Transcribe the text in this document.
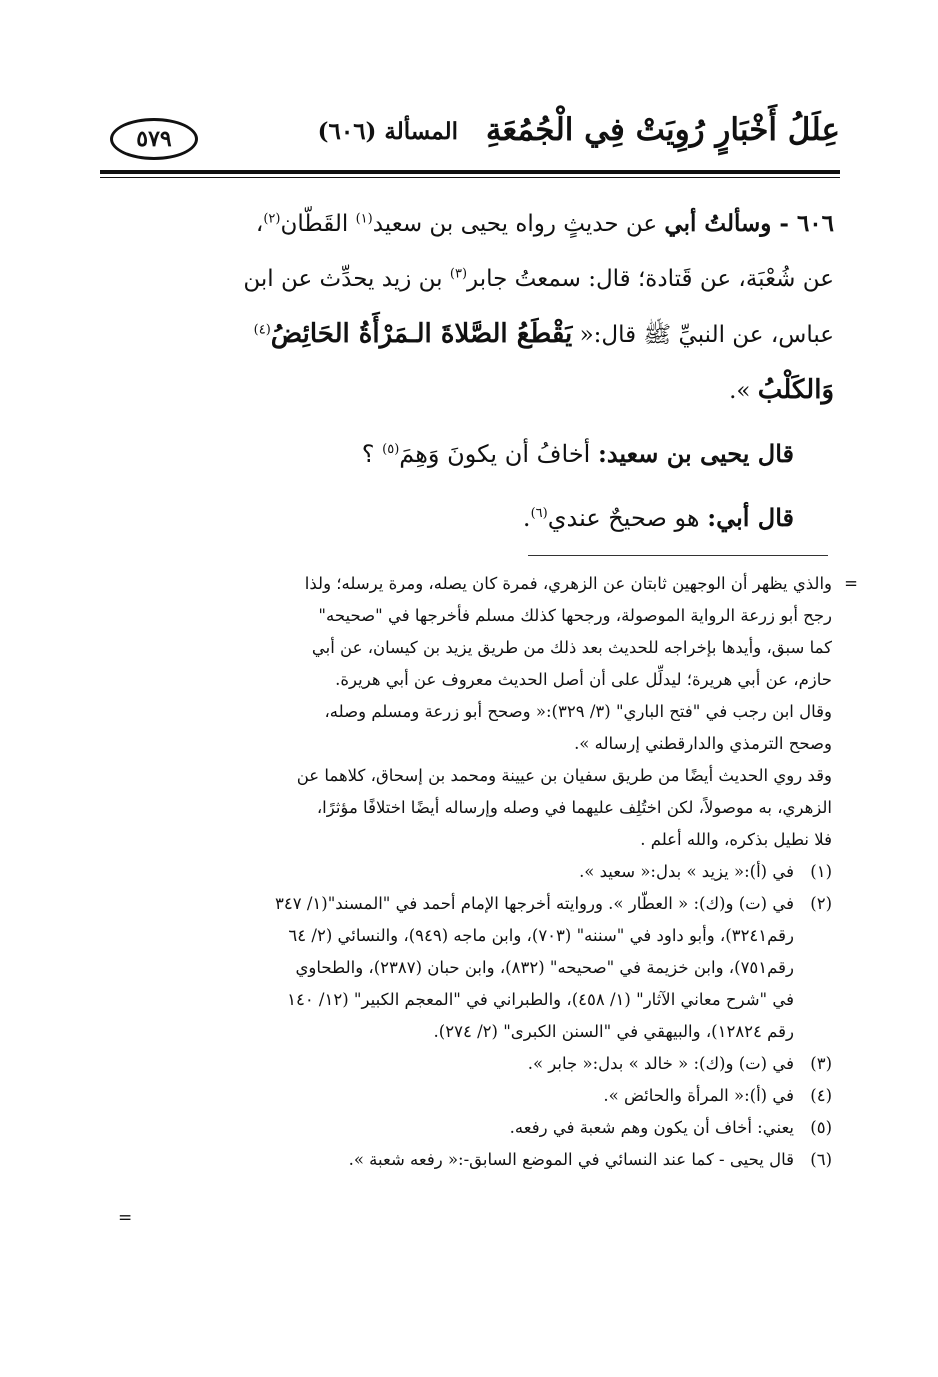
عِلَلُ أَخْبَارٍ رُوِيَتْ فِي الْجُمُعَةِ
المسألة (٦٠٦)
٥٧٩

٦٠٦ - وسألتُ أبي عن حديثٍ رواه يحيى بن سعيد$^{(١)}$ القَطّان$^{(٢)}$،
عن شُعْبَة، عن قَتادة؛ قال: سمعتُ جابر$^{(٣)}$ بن زيد يحدِّث عن ابن
عباس، عن النبيِّ ﷺ قال:« يَقْطَعُ الصَّلاةَ الـمَرْأَةُ الحَائِضُ$^{(٤)}$
وَالكَلْبُ ».

قال يحيى بن سعيد: أخافُ أن يكونَ وَهِمَ$^{(٥)}$ ؟
قال أبي: هو صحيحٌ عندي$^{(٦)}$.
=
والذي يظهر أن الوجهين ثابتان عن الزهري، فمرة كان يصله، ومرة يرسله؛ ولذا
رجح أبو زرعة الرواية الموصولة، ورجحها كذلك مسلم فأخرجها في "صحيحه"
كما سبق، وأيدها بإخراجه للحديث بعد ذلك من طريق يزيد بن كيسان، عن أبي
حازم، عن أبي هريرة؛ ليدلِّل على أن أصل الحديث معروف عن أبي هريرة.
وقال ابن رجب في "فتح الباري" (٣/ ٣٢٩):« وصحح أبو زرعة ومسلم وصله،
وصحح الترمذي والدارقطني إرساله ».
وقد روي الحديث أيضًا من طريق سفيان بن عيينة ومحمد بن إسحاق، كلاهما عن
الزهري، به موصولاً، لكن اختُلِف عليهما في وصله وإرساله أيضًا اختلافًا مؤثرًا،
فلا نطيل بذكره، والله أعلم .
(١)
في (أ):« يزيد » بدل:« سعيد ».
(٢)
في (ت) و(ك): « العطّار ». وروايته أخرجها الإمام أحمد في "المسند"(١/ ٣٤٧
رقم٣٢٤١)، وأبو داود في "سننه" (٧٠٣)، وابن ماجه (٩٤٩)، والنسائي (٢/ ٦٤
رقم٧٥١)، وابن خزيمة في "صحيحه" (٨٣٢)، وابن حبان (٢٣٨٧)، والطحاوي
في "شرح معاني الآثار" (١/ ٤٥٨)، والطبراني في "المعجم الكبير" (١٢/ ١٤٠
رقم ١٢٨٢٤)، والبيهقي في "السنن الكبرى" (٢/ ٢٧٤).
(٣)
في (ت) و(ك): « خالد » بدل:« جابر ».
(٤)
في (أ):« المرأة والحائض ».
(٥)
يعني: أخاف أن يكون وهم شعبة في رفعه.
(٦)
قال يحيى - كما عند النسائي في الموضع السابق-:« رفعه شعبة ».
=
